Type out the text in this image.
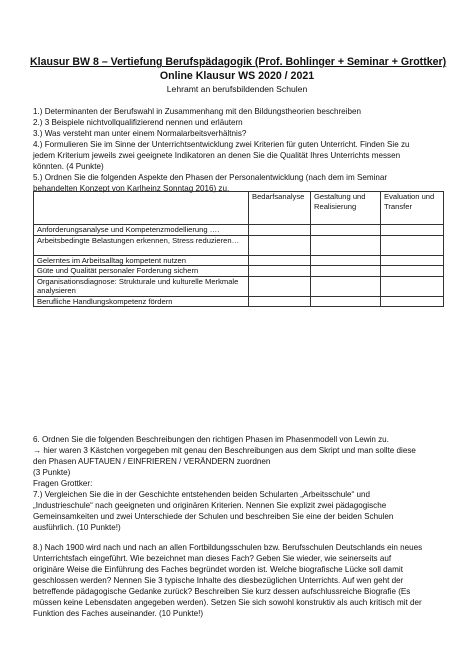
Klausur BW 8 – Vertiefung Berufspädagogik (Prof. Bohlinger + Seminar + Grottker)
Online Klausur WS 2020 / 2021
Lehramt an berufsbildenden Schulen

1.) Determinanten der Berufswahl in Zusammenhang mit den Bildungstheorien beschreiben

2.) 3 Beispiele nichtvollqualifizierend nennen und erläutern

3.) Was versteht man unter einem Normalarbeitsverhältnis?

4.) Formulieren Sie im Sinne der Unterrichtsentwicklung zwei Kriterien für guten Unterricht. Finden Sie zu

jedem Kriterium jeweils zwei geeignete Indikatoren an denen Sie die Qualität Ihres Unterrichts messen

könnten. (4 Punkte)

5.) Ordnen Sie die folgenden Aspekte den Phasen der Personalentwicklung (nach dem im Seminar

behandelten Konzept von Karlheinz Sonntag 2016) zu.

	Bedarfsanalyse	Gestaltung und Realisierung	Evaluation und Transfer
Anforderungsanalyse und Kompetenzmodellierung ….			
Arbeitsbedingte Belastungen erkennen, Stress reduzieren…			
Gelerntes im Arbeitsalltag kompetent nutzen			
Güte und Qualität personaler Forderung sichern			
Organisationsdiagnose: Strukturale und kulturelle Merkmale analysieren			
Berufliche Handlungskompetenz fördern			

6. Ordnen Sie die folgenden Beschreibungen den richtigen Phasen im Phasenmodell von Lewin zu.

→ hier waren 3 Kästchen vorgegeben mit genau den Beschreibungen aus dem Skript und man sollte diese

den Phasen AUFTAUEN / EINFRIEREN / VERÄNDERN zuordnen

(3 Punkte)

Fragen Grottker:

7.) Vergleichen Sie die in der Geschichte entstehenden beiden Schularten „Arbeitsschule“ und

„Industrieschule“ nach geeigneten und originären Kriterien. Nennen Sie explizit zwei pädagogische

Gemeinsamkeiten und zwei Unterschiede der Schulen und beschreiben Sie eine der beiden Schulen

ausführlich. (10 Punkte!)

8.) Nach 1900 wird nach und nach an allen Fortbildungsschulen bzw. Berufsschulen Deutschlands ein neues

Unterrichtsfach eingeführt. Wie bezeichnet man dieses Fach? Geben Sie wieder, wie seinerseits auf

originäre Weise die Einführung des Faches begründet worden ist. Welche biografische Lücke soll damit

geschlossen werden? Nennen Sie 3 typische Inhalte des diesbezüglichen Unterrichts. Auf wen geht der

betreffende pädagogische Gedanke zurück? Beschreiben Sie kurz dessen aufschlussreiche Biografie (Es

müssen keine Lebensdaten angegeben werden). Setzen Sie sich sowohl konstruktiv als auch kritisch mit der

Funktion des Faches auseinander. (10 Punkte!)
